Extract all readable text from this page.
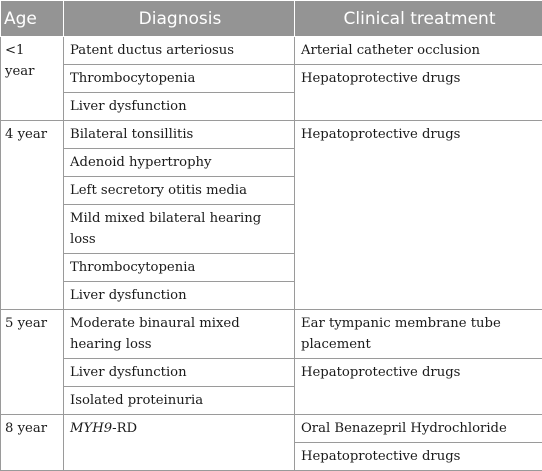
Age	Diagnosis	Clinical treatment
<1 year	Patent ductus arteriosus	Arterial catheter occlusion
	Thrombocytopenia	Hepatoprotective drugs
	Liver dysfunction	
4 year	Bilateral tonsillitis	Hepatoprotective drugs
	Adenoid hypertrophy	
	Left secretory otitis media	
	Mild mixed bilateral hearing loss	
	Thrombocytopenia	
	Liver dysfunction	
5 year	Moderate binaural mixed hearing loss	Ear tympanic membrane tube placement
	Liver dysfunction	Hepatoprotective drugs
	Isolated proteinuria	
8 year	MYH9-RD	Oral Benazepril Hydrochloride
		Hepatoprotective drugs
